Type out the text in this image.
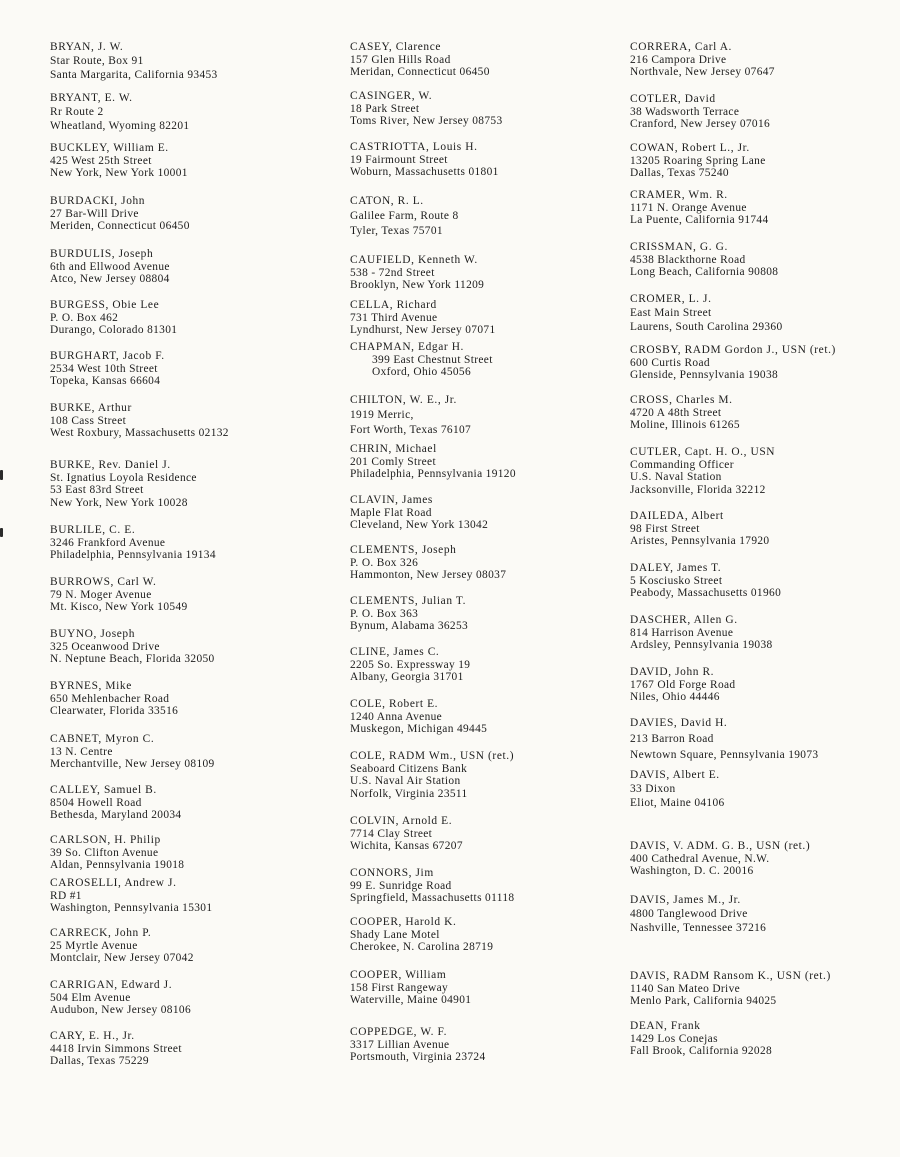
BRYAN, J. W.
Star Route, Box 91
Santa Margarita, California 93453
BRYANT, E. W.
Rr Route 2
Wheatland, Wyoming 82201
BUCKLEY, William E.
425 West 25th Street
New York, New York 10001
BURDACKI, John
27 Bar-Will Drive
Meriden, Connecticut 06450
BURDULIS, Joseph
6th and Ellwood Avenue
Atco, New Jersey 08804
BURGESS, Obie Lee
P. O. Box 462
Durango, Colorado 81301
BURGHART, Jacob F.
2534 West 10th Street
Topeka, Kansas 66604
BURKE, Arthur
108 Cass Street
West Roxbury, Massachusetts 02132
BURKE, Rev. Daniel J.
St. Ignatius Loyola Residence
53 East 83rd Street
New York, New York 10028
BURLILE, C. E.
3246 Frankford Avenue
Philadelphia, Pennsylvania 19134
BURROWS, Carl W.
79 N. Moger Avenue
Mt. Kisco, New York 10549
BUYNO, Joseph
325 Oceanwood Drive
N. Neptune Beach, Florida 32050
BYRNES, Mike
650 Mehlenbacher Road
Clearwater, Florida 33516
CABNET, Myron C.
13 N. Centre
Merchantville, New Jersey 08109
CALLEY, Samuel B.
8504 Howell Road
Bethesda, Maryland 20034
CARLSON, H. Philip
39 So. Clifton Avenue
Aldan, Pennsylvania 19018
CAROSELLI, Andrew J.
RD #1
Washington, Pennsylvania 15301
CARRECK, John P.
25 Myrtle Avenue
Montclair, New Jersey 07042
CARRIGAN, Edward J.
504 Elm Avenue
Audubon, New Jersey 08106
CARY, E. H., Jr.
4418 Irvin Simmons Street
Dallas, Texas 75229
CASEY, Clarence
157 Glen Hills Road
Meridan, Connecticut 06450
CASINGER, W.
18 Park Street
Toms River, New Jersey 08753
CASTRIOTTA, Louis H.
19 Fairmount Street
Woburn, Massachusetts 01801
CATON, R. L.
Galilee Farm, Route 8
Tyler, Texas 75701
CAUFIELD, Kenneth W.
538 - 72nd Street
Brooklyn, New York 11209
CELLA, Richard
731 Third Avenue
Lyndhurst, New Jersey 07071
CHAPMAN, Edgar H.
399 East Chestnut Street
Oxford, Ohio 45056
CHILTON, W. E., Jr.
1919 Merric,
Fort Worth, Texas 76107
CHRIN, Michael
201 Comly Street
Philadelphia, Pennsylvania 19120
CLAVIN, James
Maple Flat Road
Cleveland, New York 13042
CLEMENTS, Joseph
P. O. Box 326
Hammonton, New Jersey 08037
CLEMENTS, Julian T.
P. O. Box 363
Bynum, Alabama 36253
CLINE, James C.
2205 So. Expressway 19
Albany, Georgia 31701
COLE, Robert E.
1240 Anna Avenue
Muskegon, Michigan 49445
COLE, RADM Wm., USN (ret.)
Seaboard Citizens Bank
U.S. Naval Air Station
Norfolk, Virginia 23511
COLVIN, Arnold E.
7714 Clay Street
Wichita, Kansas 67207
CONNORS, Jim
99 E. Sunridge Road
Springfield, Massachusetts 01118
COOPER, Harold K.
Shady Lane Motel
Cherokee, N. Carolina 28719
COOPER, William
158 First Rangeway
Waterville, Maine 04901
COPPEDGE, W. F.
3317 Lillian Avenue
Portsmouth, Virginia 23724
CORRERA, Carl A.
216 Campora Drive
Northvale, New Jersey 07647
COTLER, David
38 Wadsworth Terrace
Cranford, New Jersey 07016
COWAN, Robert L., Jr.
13205 Roaring Spring Lane
Dallas, Texas 75240
CRAMER, Wm. R.
1171 N. Orange Avenue
La Puente, California 91744
CRISSMAN, G. G.
4538 Blackthorne Road
Long Beach, California 90808
CROMER, L. J.
East Main Street
Laurens, South Carolina 29360
CROSBY, RADM Gordon J., USN (ret.)
600 Curtis Road
Glenside, Pennsylvania 19038
CROSS, Charles M.
4720 A 48th Street
Moline, Illinois 61265
CUTLER, Capt. H. O., USN
Commanding Officer
U.S. Naval Station
Jacksonville, Florida 32212
DAILEDA, Albert
98 First Street
Aristes, Pennsylvania 17920
DALEY, James T.
5 Kosciusko Street
Peabody, Massachusetts 01960
DASCHER, Allen G.
814 Harrison Avenue
Ardsley, Pennsylvania 19038
DAVID, John R.
1767 Old Forge Road
Niles, Ohio 44446
DAVIES, David H.
213 Barron Road
Newtown Square, Pennsylvania 19073
DAVIS, Albert E.
33 Dixon
Eliot, Maine 04106
DAVIS, V. ADM. G. B., USN (ret.)
400 Cathedral Avenue, N.W.
Washington, D. C. 20016
DAVIS, James M., Jr.
4800 Tanglewood Drive
Nashville, Tennessee 37216
DAVIS, RADM Ransom K., USN (ret.)
1140 San Mateo Drive
Menlo Park, California 94025
DEAN, Frank
1429 Los Conejas
Fall Brook, California 92028
